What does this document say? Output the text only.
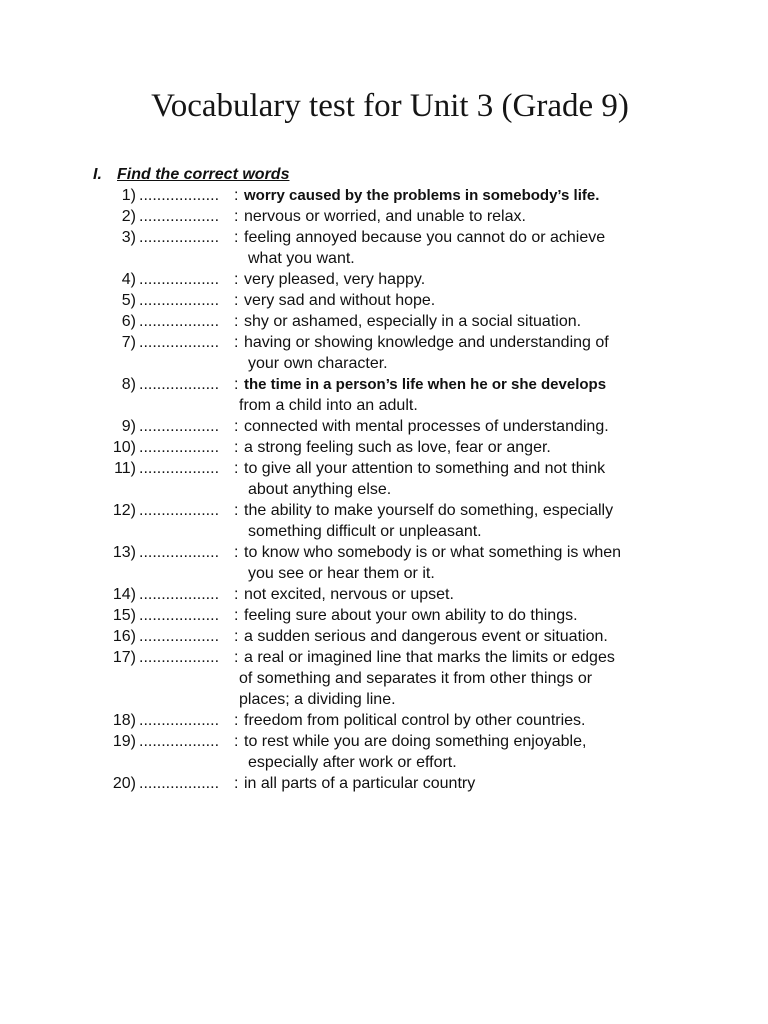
Vocabulary test for Unit 3 (Grade 9)
I. Find the correct words
1) .................. : worry caused by the problems in somebody’s life.
2) .................. : nervous or worried, and unable to relax.
3) .................. : feeling annoyed because you cannot do or achieve
what you want.
4) .................. : very pleased, very happy.
5) .................. : very sad and without hope.
6) .................. : shy or ashamed, especially in a social situation.
7) .................. : having or showing knowledge and understanding of
your own character.
8) .................. : the time in a person’s life when he or she develops
from a child into an adult.
9) .................. : connected with mental processes of understanding.
10) .................. : a strong feeling such as love, fear or anger.
11) .................. : to give all your attention to something and not think
about anything else.
12) .................. : the ability to make yourself do something, especially
something difficult or unpleasant.
13) .................. : to know who somebody is or what something is when
you see or hear them or it.
14) .................. : not excited, nervous or upset.
15) .................. : feeling sure about your own ability to do things.
16) .................. : a sudden serious and dangerous event or situation.
17) .................. : a real or imagined line that marks the limits or edges
of something and separates it from other things or
places; a dividing line.
18) .................. : freedom from political control by other countries.
19) .................. : to rest while you are doing something enjoyable,
especially after work or effort.
20) .................. : in all parts of a particular country
